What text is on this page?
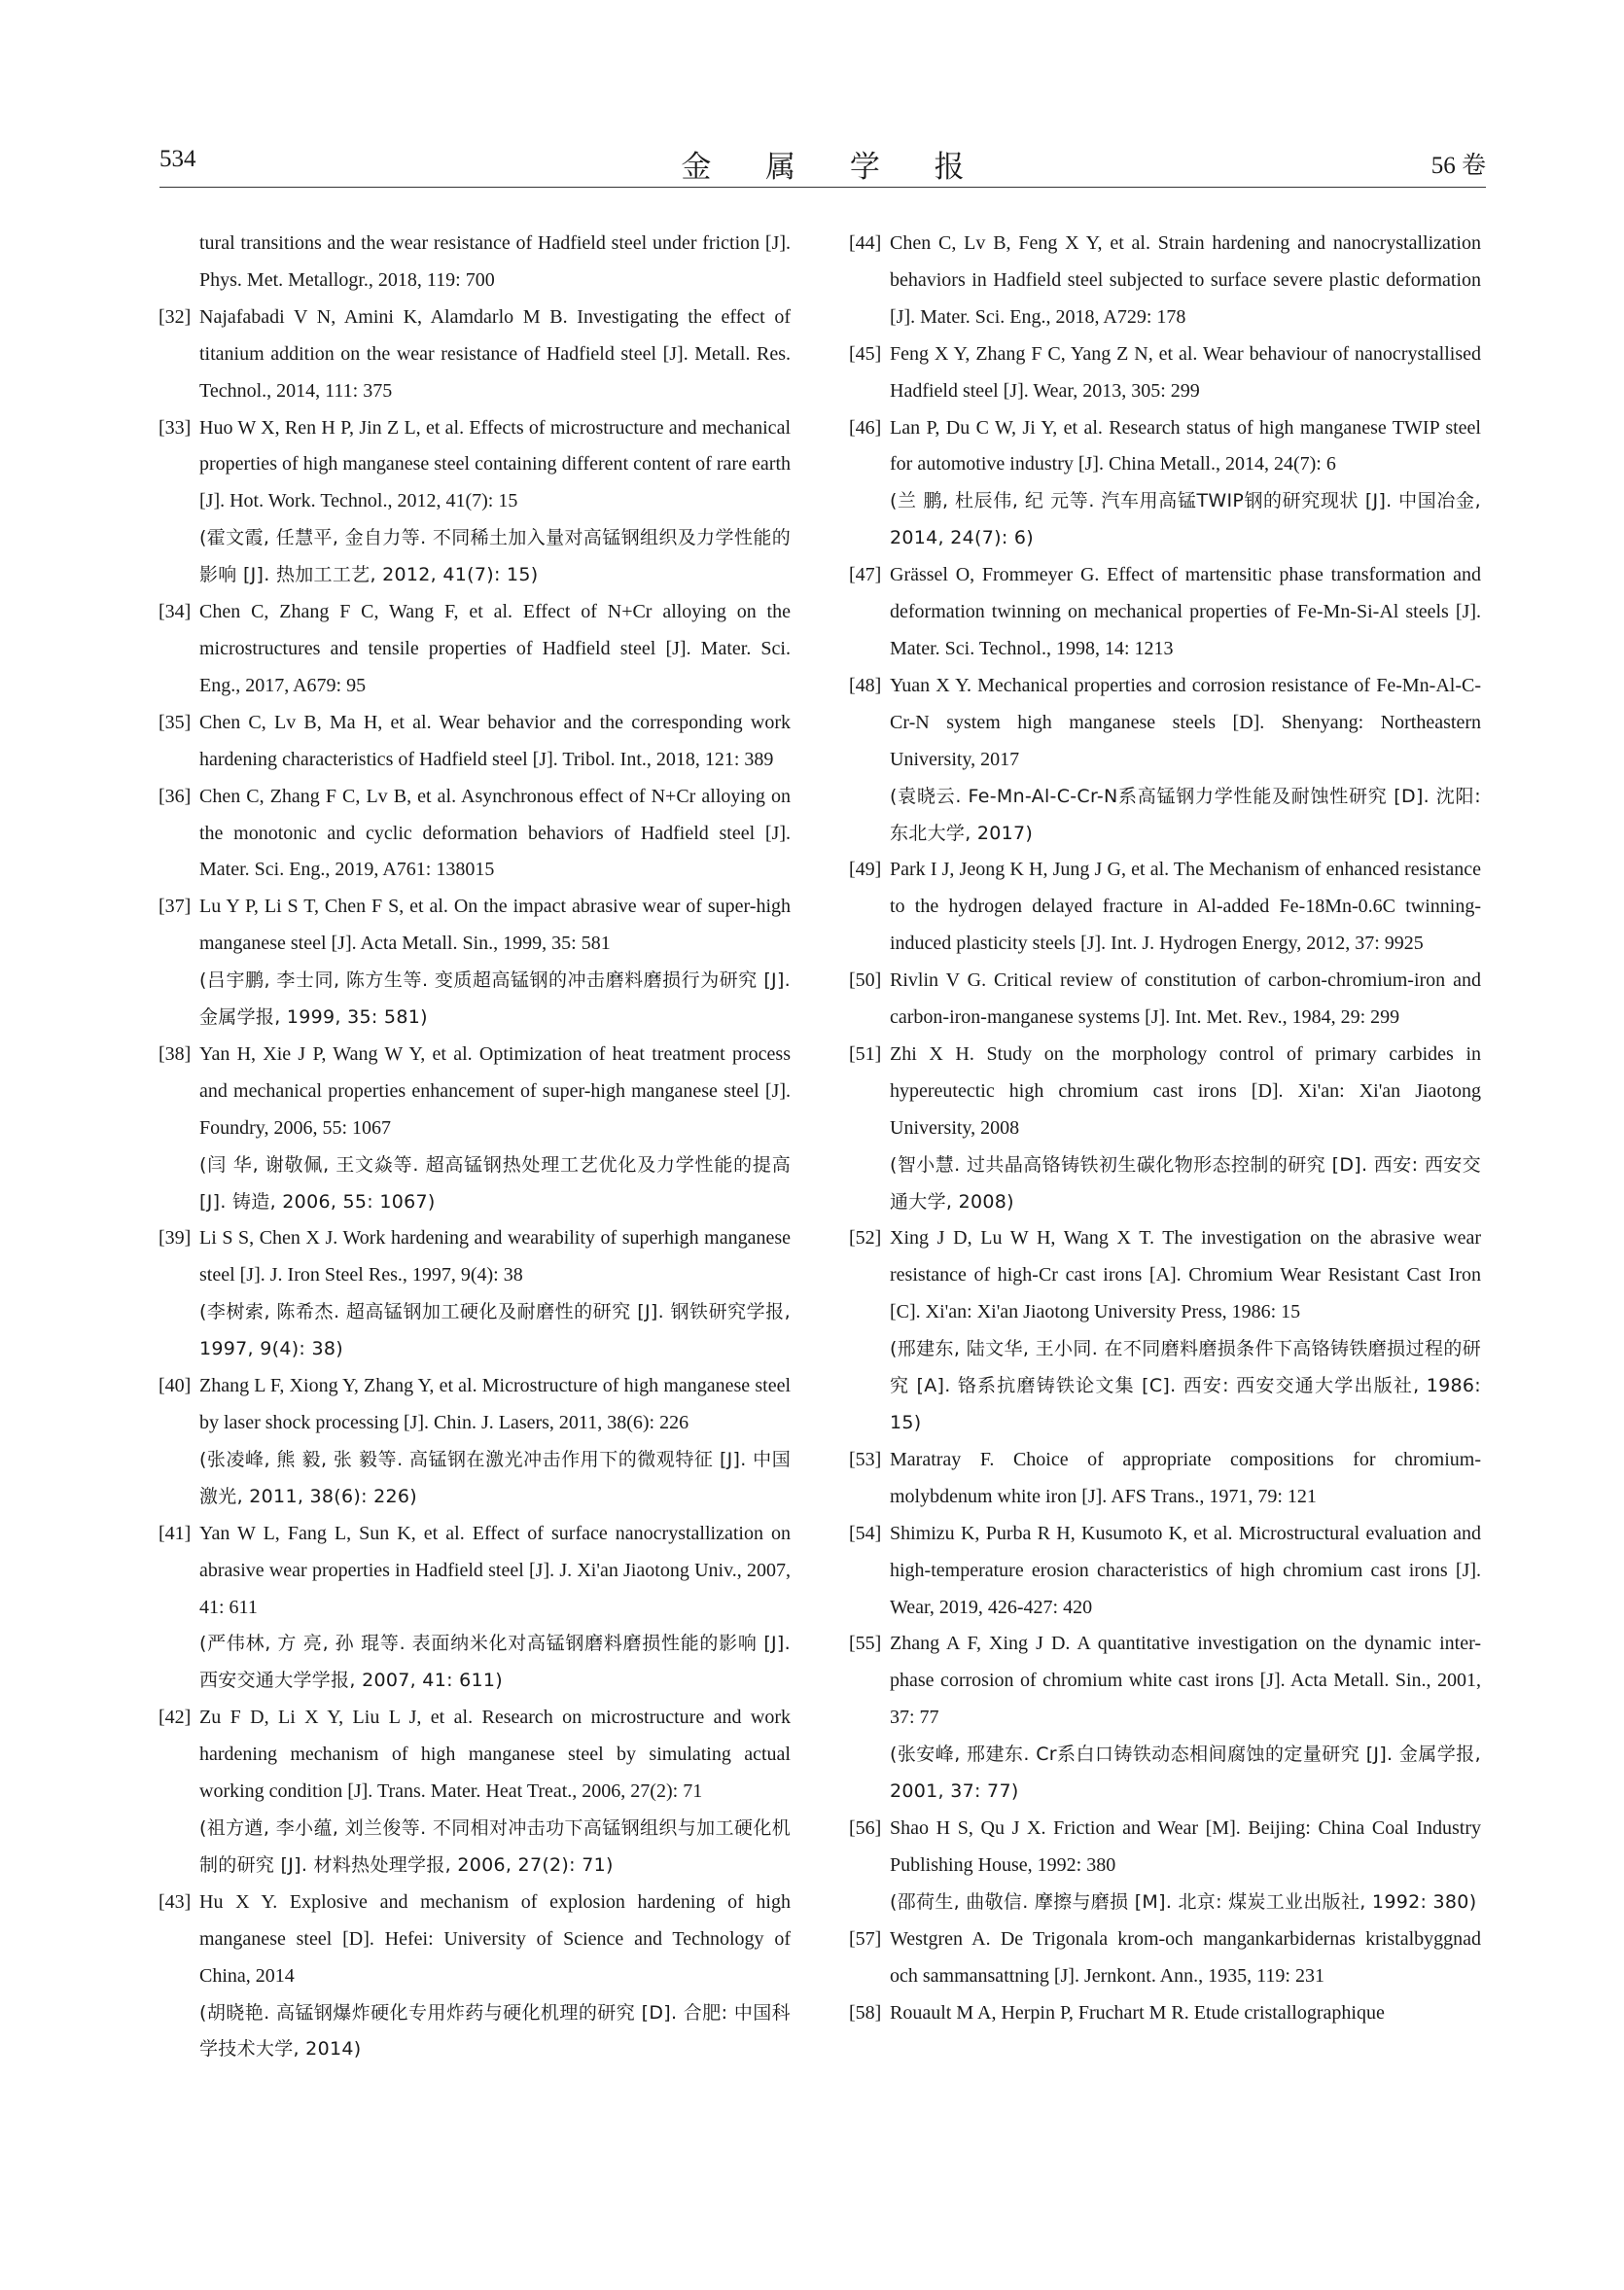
534	金 属 学 报	56 卷
tural transitions and the wear resistance of Hadfield steel under friction [J]. Phys. Met. Metallogr., 2018, 119: 700
[32] Najafabadi V N, Amini K, Alamdarlo M B. Investigating the effect of titanium addition on the wear resistance of Hadfield steel [J]. Metall. Res. Technol., 2014, 111: 375
[33] Huo W X, Ren H P, Jin Z L, et al. Effects of microstructure and mechanical properties of high manganese steel containing different content of rare earth [J]. Hot. Work. Technol., 2012, 41(7): 15
(霍文霞, 任慧平, 金自力等. 不同稀土加入量对高锰钢组织及力学性能的影响 [J]. 热加工工艺, 2012, 41(7): 15)
[34] Chen C, Zhang F C, Wang F, et al. Effect of N+Cr alloying on the microstructures and tensile properties of Hadfield steel [J]. Mater. Sci. Eng., 2017, A679: 95
[35] Chen C, Lv B, Ma H, et al. Wear behavior and the corresponding work hardening characteristics of Hadfield steel [J]. Tribol. Int., 2018, 121: 389
[36] Chen C, Zhang F C, Lv B, et al. Asynchronous effect of N+Cr alloying on the monotonic and cyclic deformation behaviors of Hadfield steel [J]. Mater. Sci. Eng., 2019, A761: 138015
[37] Lu Y P, Li S T, Chen F S, et al. On the impact abrasive wear of super-high manganese steel [J]. Acta Metall. Sin., 1999, 35: 581
(吕宇鹏, 李士同, 陈方生等. 变质超高锰钢的冲击磨料磨损行为研究 [J]. 金属学报, 1999, 35: 581)
[38] Yan H, Xie J P, Wang W Y, et al. Optimization of heat treatment process and mechanical properties enhancement of super-high manganese steel [J]. Foundry, 2006, 55: 1067
(闫 华, 谢敬佩, 王文焱等. 超高锰钢热处理工艺优化及力学性能的提高 [J]. 铸造, 2006, 55: 1067)
[39] Li S S, Chen X J. Work hardening and wearability of superhigh manganese steel [J]. J. Iron Steel Res., 1997, 9(4): 38
(李树索, 陈希杰. 超高锰钢加工硬化及耐磨性的研究 [J]. 钢铁研究学报, 1997, 9(4): 38)
[40] Zhang L F, Xiong Y, Zhang Y, et al. Microstructure of high manganese steel by laser shock processing [J]. Chin. J. Lasers, 2011, 38(6): 226
(张凌峰, 熊 毅, 张 毅等. 高锰钢在激光冲击作用下的微观特征 [J]. 中国激光, 2011, 38(6): 226)
[41] Yan W L, Fang L, Sun K, et al. Effect of surface nanocrystallization on abrasive wear properties in Hadfield steel [J]. J. Xi'an Jiaotong Univ., 2007, 41: 611
(严伟林, 方 亮, 孙 琨等. 表面纳米化对高锰钢磨料磨损性能的影响 [J]. 西安交通大学学报, 2007, 41: 611)
[42] Zu F D, Li X Y, Liu L J, et al. Research on microstructure and work hardening mechanism of high manganese steel by simulating actual working condition [J]. Trans. Mater. Heat Treat., 2006, 27(2): 71
(祖方遒, 李小蕴, 刘兰俊等. 不同相对冲击功下高锰钢组织与加工硬化机制的研究 [J]. 材料热处理学报, 2006, 27(2): 71)
[43] Hu X Y. Explosive and mechanism of explosion hardening of high manganese steel [D]. Hefei: University of Science and Technology of China, 2014
(胡晓艳. 高锰钢爆炸硬化专用炸药与硬化机理的研究 [D]. 合肥: 中国科学技术大学, 2014)
[44] Chen C, Lv B, Feng X Y, et al. Strain hardening and nanocrystallization behaviors in Hadfield steel subjected to surface severe plastic deformation [J]. Mater. Sci. Eng., 2018, A729: 178
[45] Feng X Y, Zhang F C, Yang Z N, et al. Wear behaviour of nanocrystallised Hadfield steel [J]. Wear, 2013, 305: 299
[46] Lan P, Du C W, Ji Y, et al. Research status of high manganese TWIP steel for automotive industry [J]. China Metall., 2014, 24(7): 6
(兰 鹏, 杜辰伟, 纪 元等. 汽车用高锰TWIP钢的研究现状 [J]. 中国冶金, 2014, 24(7): 6)
[47] Grässel O, Frommeyer G. Effect of martensitic phase transformation and deformation twinning on mechanical properties of Fe-Mn-Si-Al steels [J]. Mater. Sci. Technol., 1998, 14: 1213
[48] Yuan X Y. Mechanical properties and corrosion resistance of Fe-Mn-Al-C-Cr-N system high manganese steels [D]. Shenyang: Northeastern University, 2017
(袁晓云. Fe-Mn-Al-C-Cr-N系高锰钢力学性能及耐蚀性研究 [D]. 沈阳: 东北大学, 2017)
[49] Park I J, Jeong K H, Jung J G, et al. The Mechanism of enhanced resistance to the hydrogen delayed fracture in Al-added Fe-18Mn-0.6C twinning-induced plasticity steels [J]. Int. J. Hydrogen Energy, 2012, 37: 9925
[50] Rivlin V G. Critical review of constitution of carbon-chromium-iron and carbon-iron-manganese systems [J]. Int. Met. Rev., 1984, 29: 299
[51] Zhi X H. Study on the morphology control of primary carbides in hypereutectic high chromium cast irons [D]. Xi'an: Xi'an Jiaotong University, 2008
(智小慧. 过共晶高铬铸铁初生碳化物形态控制的研究 [D]. 西安: 西安交通大学, 2008)
[52] Xing J D, Lu W H, Wang X T. The investigation on the abrasive wear resistance of high-Cr cast irons [A]. Chromium Wear Resistant Cast Iron [C]. Xi'an: Xi'an Jiaotong University Press, 1986: 15
(邢建东, 陆文华, 王小同. 在不同磨料磨损条件下高铬铸铁磨损过程的研究 [A]. 铬系抗磨铸铁论文集 [C]. 西安: 西安交通大学出版社, 1986: 15)
[53] Maratray F. Choice of appropriate compositions for chromium-molybdenum white iron [J]. AFS Trans., 1971, 79: 121
[54] Shimizu K, Purba R H, Kusumoto K, et al. Microstructural evaluation and high-temperature erosion characteristics of high chromium cast irons [J]. Wear, 2019, 426-427: 420
[55] Zhang A F, Xing J D. A quantitative investigation on the dynamic inter-phase corrosion of chromium white cast irons [J]. Acta Metall. Sin., 2001, 37: 77
(张安峰, 邢建东. Cr系白口铸铁动态相间腐蚀的定量研究 [J]. 金属学报, 2001, 37: 77)
[56] Shao H S, Qu J X. Friction and Wear [M]. Beijing: China Coal Industry Publishing House, 1992: 380
(邵荷生, 曲敬信. 摩擦与磨损 [M]. 北京: 煤炭工业出版社, 1992: 380)
[57] Westgren A. De Trigonala krom-och mangankarbidernas kristalbyggnad och sammansattning [J]. Jernkont. Ann., 1935, 119: 231
[58] Rouault M A, Herpin P, Fruchart M R. Etude cristallographique
